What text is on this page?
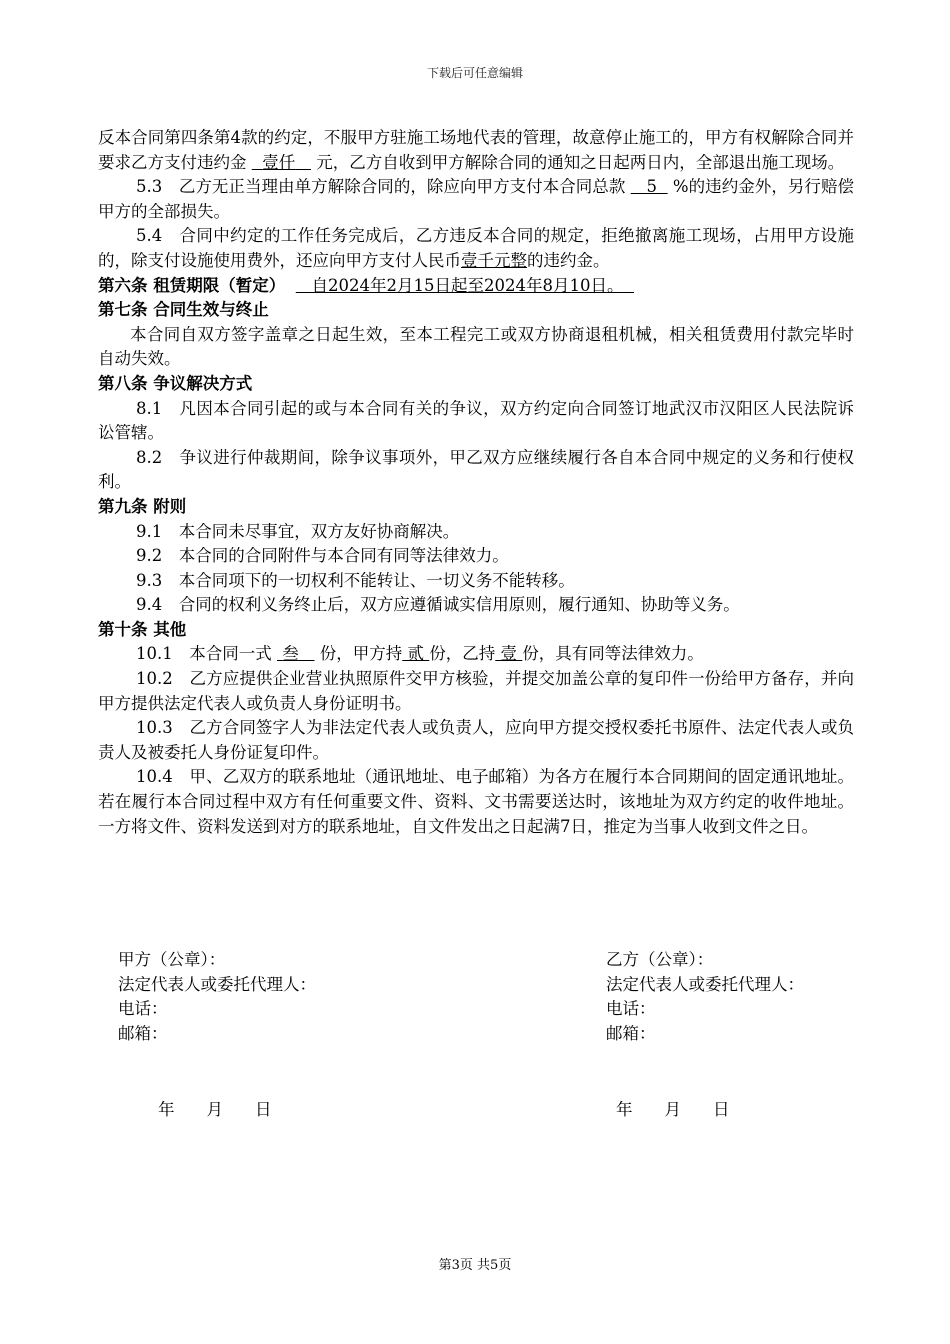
下载后可任意编辑

反本合同第四条第4款的约定，不服甲方驻施工场地代表的管理，故意停止施工的，甲方有权解除合同并要求乙方支付违约金 壹仟 元，乙方自收到甲方解除合同的通知之日起两日内，全部退出施工现场。

5.3　乙方无正当理由单方解除合同的，除应向甲方支付本合同总款 5 %的违约金外，另行赔偿甲方的全部损失。

5.4　合同中约定的工作任务完成后，乙方违反本合同的规定，拒绝撤离施工现场，占用甲方设施的，除支付设施使用费外，还应向甲方支付人民币壹千元整的违约金。

第六条 租赁期限（暂定） 自2024年2月15日起至2024年8月10日。

第七条 合同生效与终止

本合同自双方签字盖章之日起生效，至本工程完工或双方协商退租机械，相关租赁费用付款完毕时自动失效。

第八条 争议解决方式

8.1　凡因本合同引起的或与本合同有关的争议，双方约定向合同签订地武汉市汉阳区人民法院诉讼管辖。

8.2　争议进行仲裁期间，除争议事项外，甲乙双方应继续履行各自本合同中规定的义务和行使权利。

第九条 附则

9.1　本合同未尽事宜，双方友好协商解决。

9.2　本合同的合同附件与本合同有同等法律效力。

9.3　本合同项下的一切权利不能转让、一切义务不能转移。

9.4　合同的权利义务终止后，双方应遵循诚实信用原则，履行通知、协助等义务。

第十条 其他

10.1　本合同一式 叁 份，甲方持 贰 份，乙持 壹 份，具有同等法律效力。

10.2　乙方应提供企业营业执照原件交甲方核验，并提交加盖公章的复印件一份给甲方备存，并向甲方提供法定代表人或负责人身份证明书。

10.3　乙方合同签字人为非法定代表人或负责人，应向甲方提交授权委托书原件、法定代表人或负责人及被委托人身份证复印件。

10.4　甲、乙双方的联系地址（通讯地址、电子邮箱）为各方在履行本合同期间的固定通讯地址。若在履行本合同过程中双方有任何重要文件、资料、文书需要送达时，该地址为双方约定的收件地址。一方将文件、资料发送到对方的联系地址，自文件发出之日起满7日，推定为当事人收到文件之日。

甲方（公章）：
法定代表人或委托代理人：
电话：
邮箱：
乙方（公章）：
法定代表人或委托代理人：
电话：
邮箱：
年 月 日	年 月 日
第3页 共5页
